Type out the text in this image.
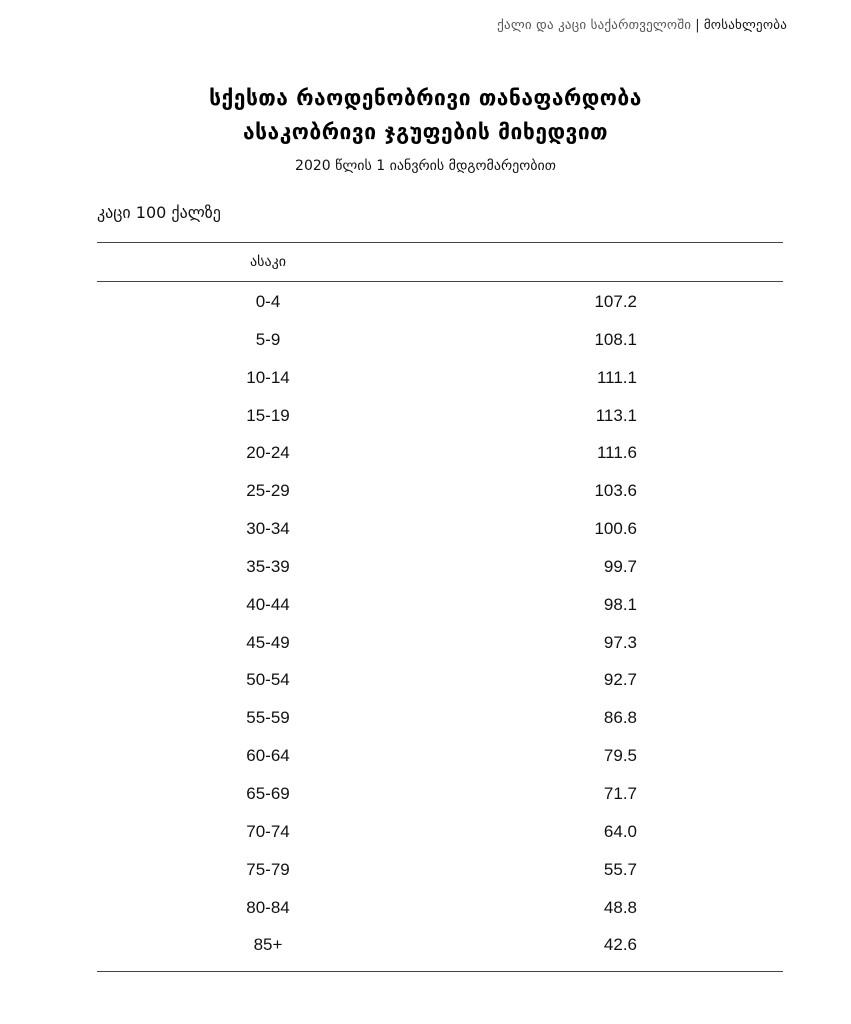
ქალი და კაცი საქართველოში | მოსახლეობა
სქესთა რაოდენობრივი თანაფარდობა
ასაკობრივი ჯგუფების მიხედვით
2020 წლის 1 იანვრის მდგომარეობით
კაცი 100 ქალზე
ასაკი
0-4	107.2
5-9	108.1
10-14	111.1
15-19	113.1
20-24	111.6
25-29	103.6
30-34	100.6
35-39	99.7
40-44	98.1
45-49	97.3
50-54	92.7
55-59	86.8
60-64	79.5
65-69	71.7
70-74	64.0
75-79	55.7
80-84	48.8
85+	42.6
